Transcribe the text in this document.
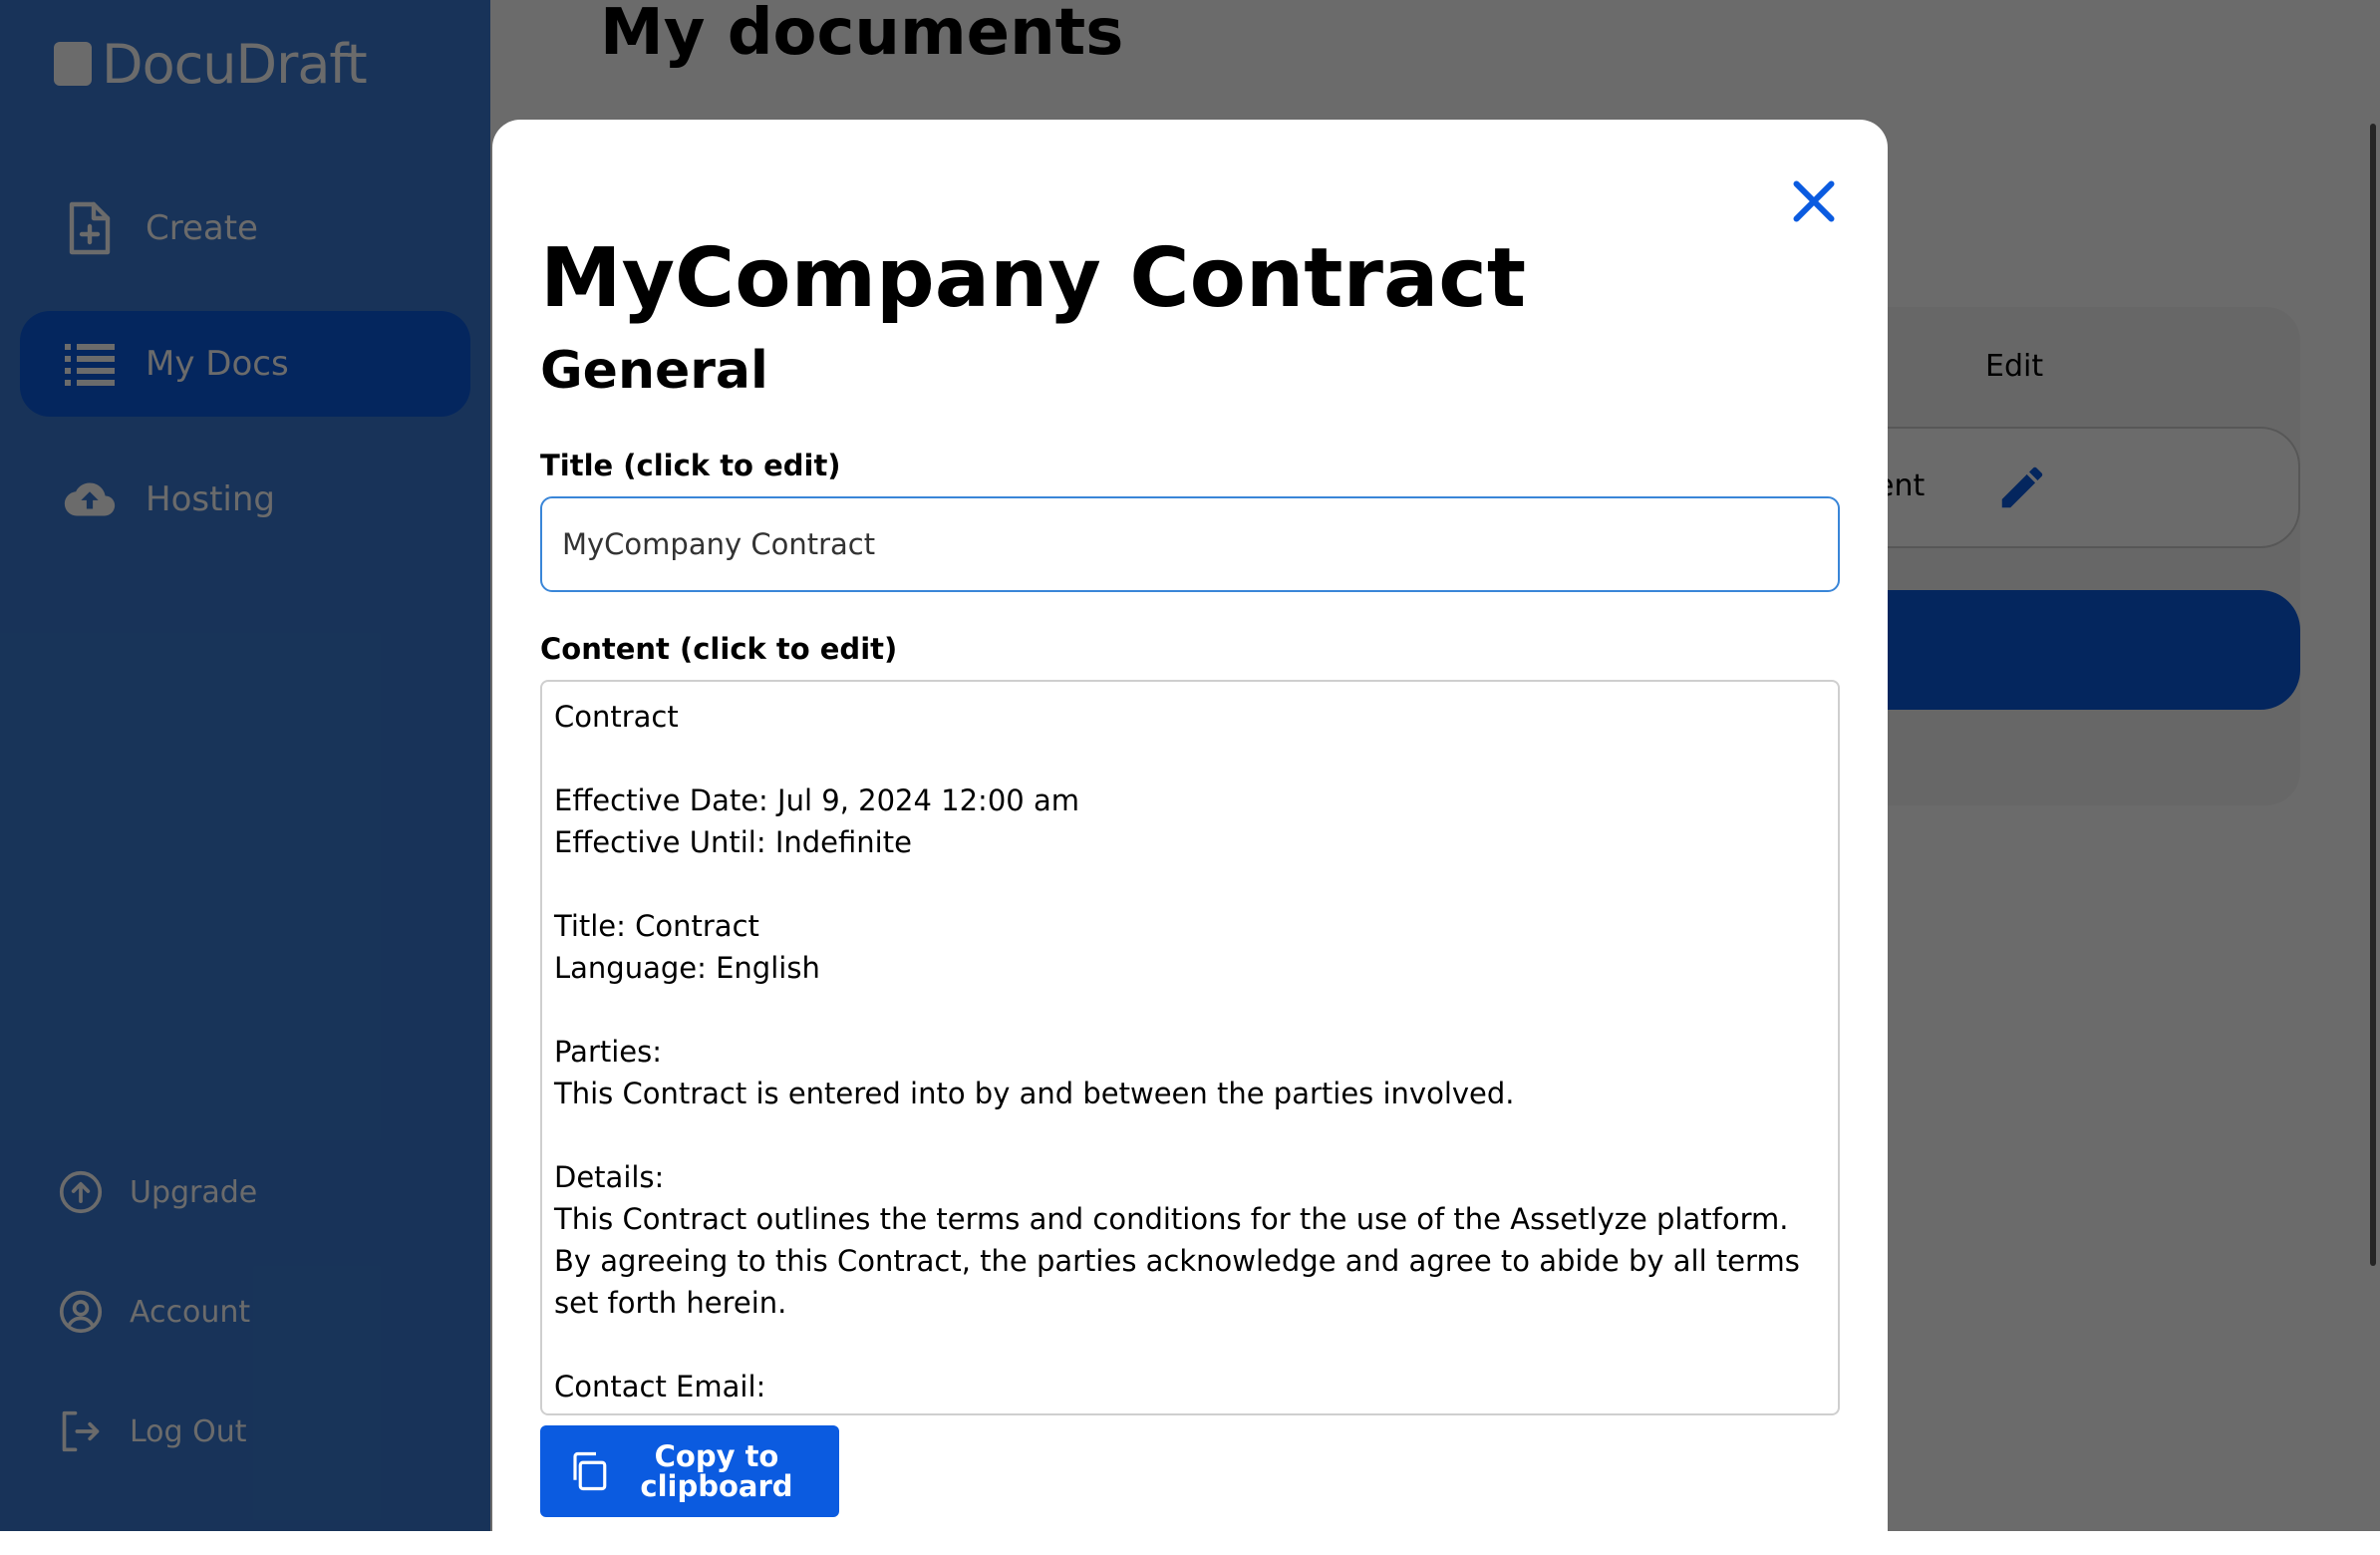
MyCompany Contract
General
Title (click to edit)
MyCompany Contract
Content (click to edit)
Contract Effective Date: Jul 9, 2024 12:00 am Effective Until: Indefinite Title: Contract Language: English Parties: This Contract is entered into by and between the parties involved. Details: This Contract outlines the terms and conditions for the use of the Assetlyze platform. By agreeing to this Contract, the parties acknowledge and agree to abide by all terms set forth herein. Contact Email: For any inquiries or communication regarding this Contract, please contact [Contact Email].
Copy to clipboard
